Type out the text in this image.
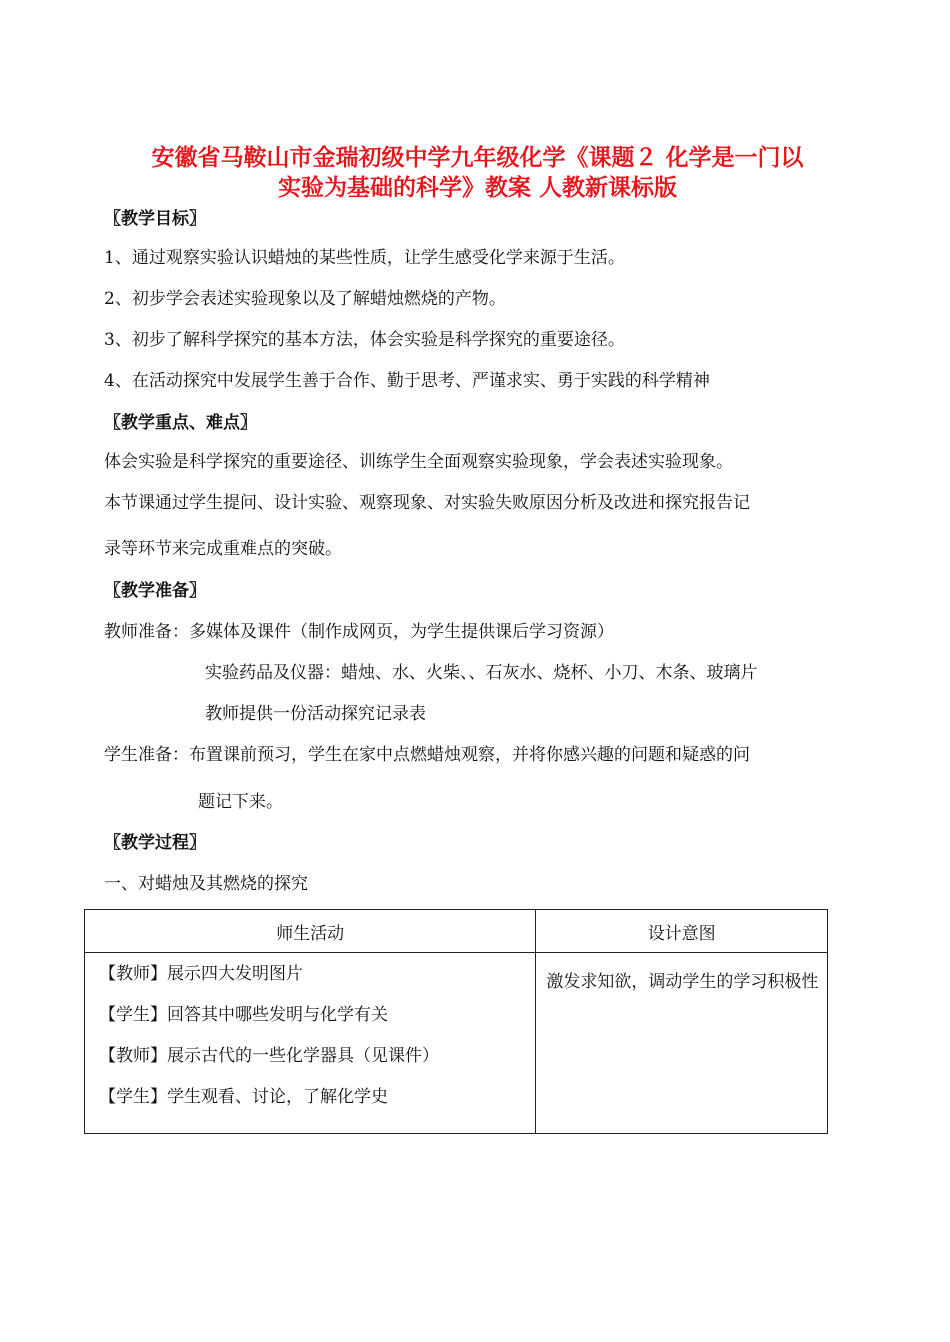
安徽省马鞍山市金瑞初级中学九年级化学《课题２ 化学是一门以
实验为基础的科学》教案 人教新课标版
〖教学目标〗
1、通过观察实验认识蜡烛的某些性质，让学生感受化学来源于生活。
2、初步学会表述实验现象以及了解蜡烛燃烧的产物。
3、初步了解科学探究的基本方法，体会实验是科学探究的重要途径。
4、在活动探究中发展学生善于合作、勤于思考、严谨求实、勇于实践的科学精神
〖教学重点、难点〗
体会实验是科学探究的重要途径、训练学生全面观察实验现象，学会表述实验现象。
本节课通过学生提问、设计实验、观察现象、对实验失败原因分析及改进和探究报告记
录等环节来完成重难点的突破。
〖教学准备〗
教师准备：多媒体及课件（制作成网页，为学生提供课后学习资源）
实验药品及仪器：蜡烛、水、火柴、、石灰水、烧杯、小刀、木条、玻璃片
教师提供一份活动探究记录表
学生准备：布置课前预习，学生在家中点燃蜡烛观察，并将你感兴趣的问题和疑惑的问
题记下来。
〖教学过程〗
一、对蜡烛及其燃烧的探究
师生活动	设计意图

【教师】展示四大发明图片
【学生】回答其中哪些发明与化学有关
【教师】展示古代的一些化学器具（见课件）
【学生】学生观看、讨论，了解化学史	激发求知欲，调动学生的学习积极性
